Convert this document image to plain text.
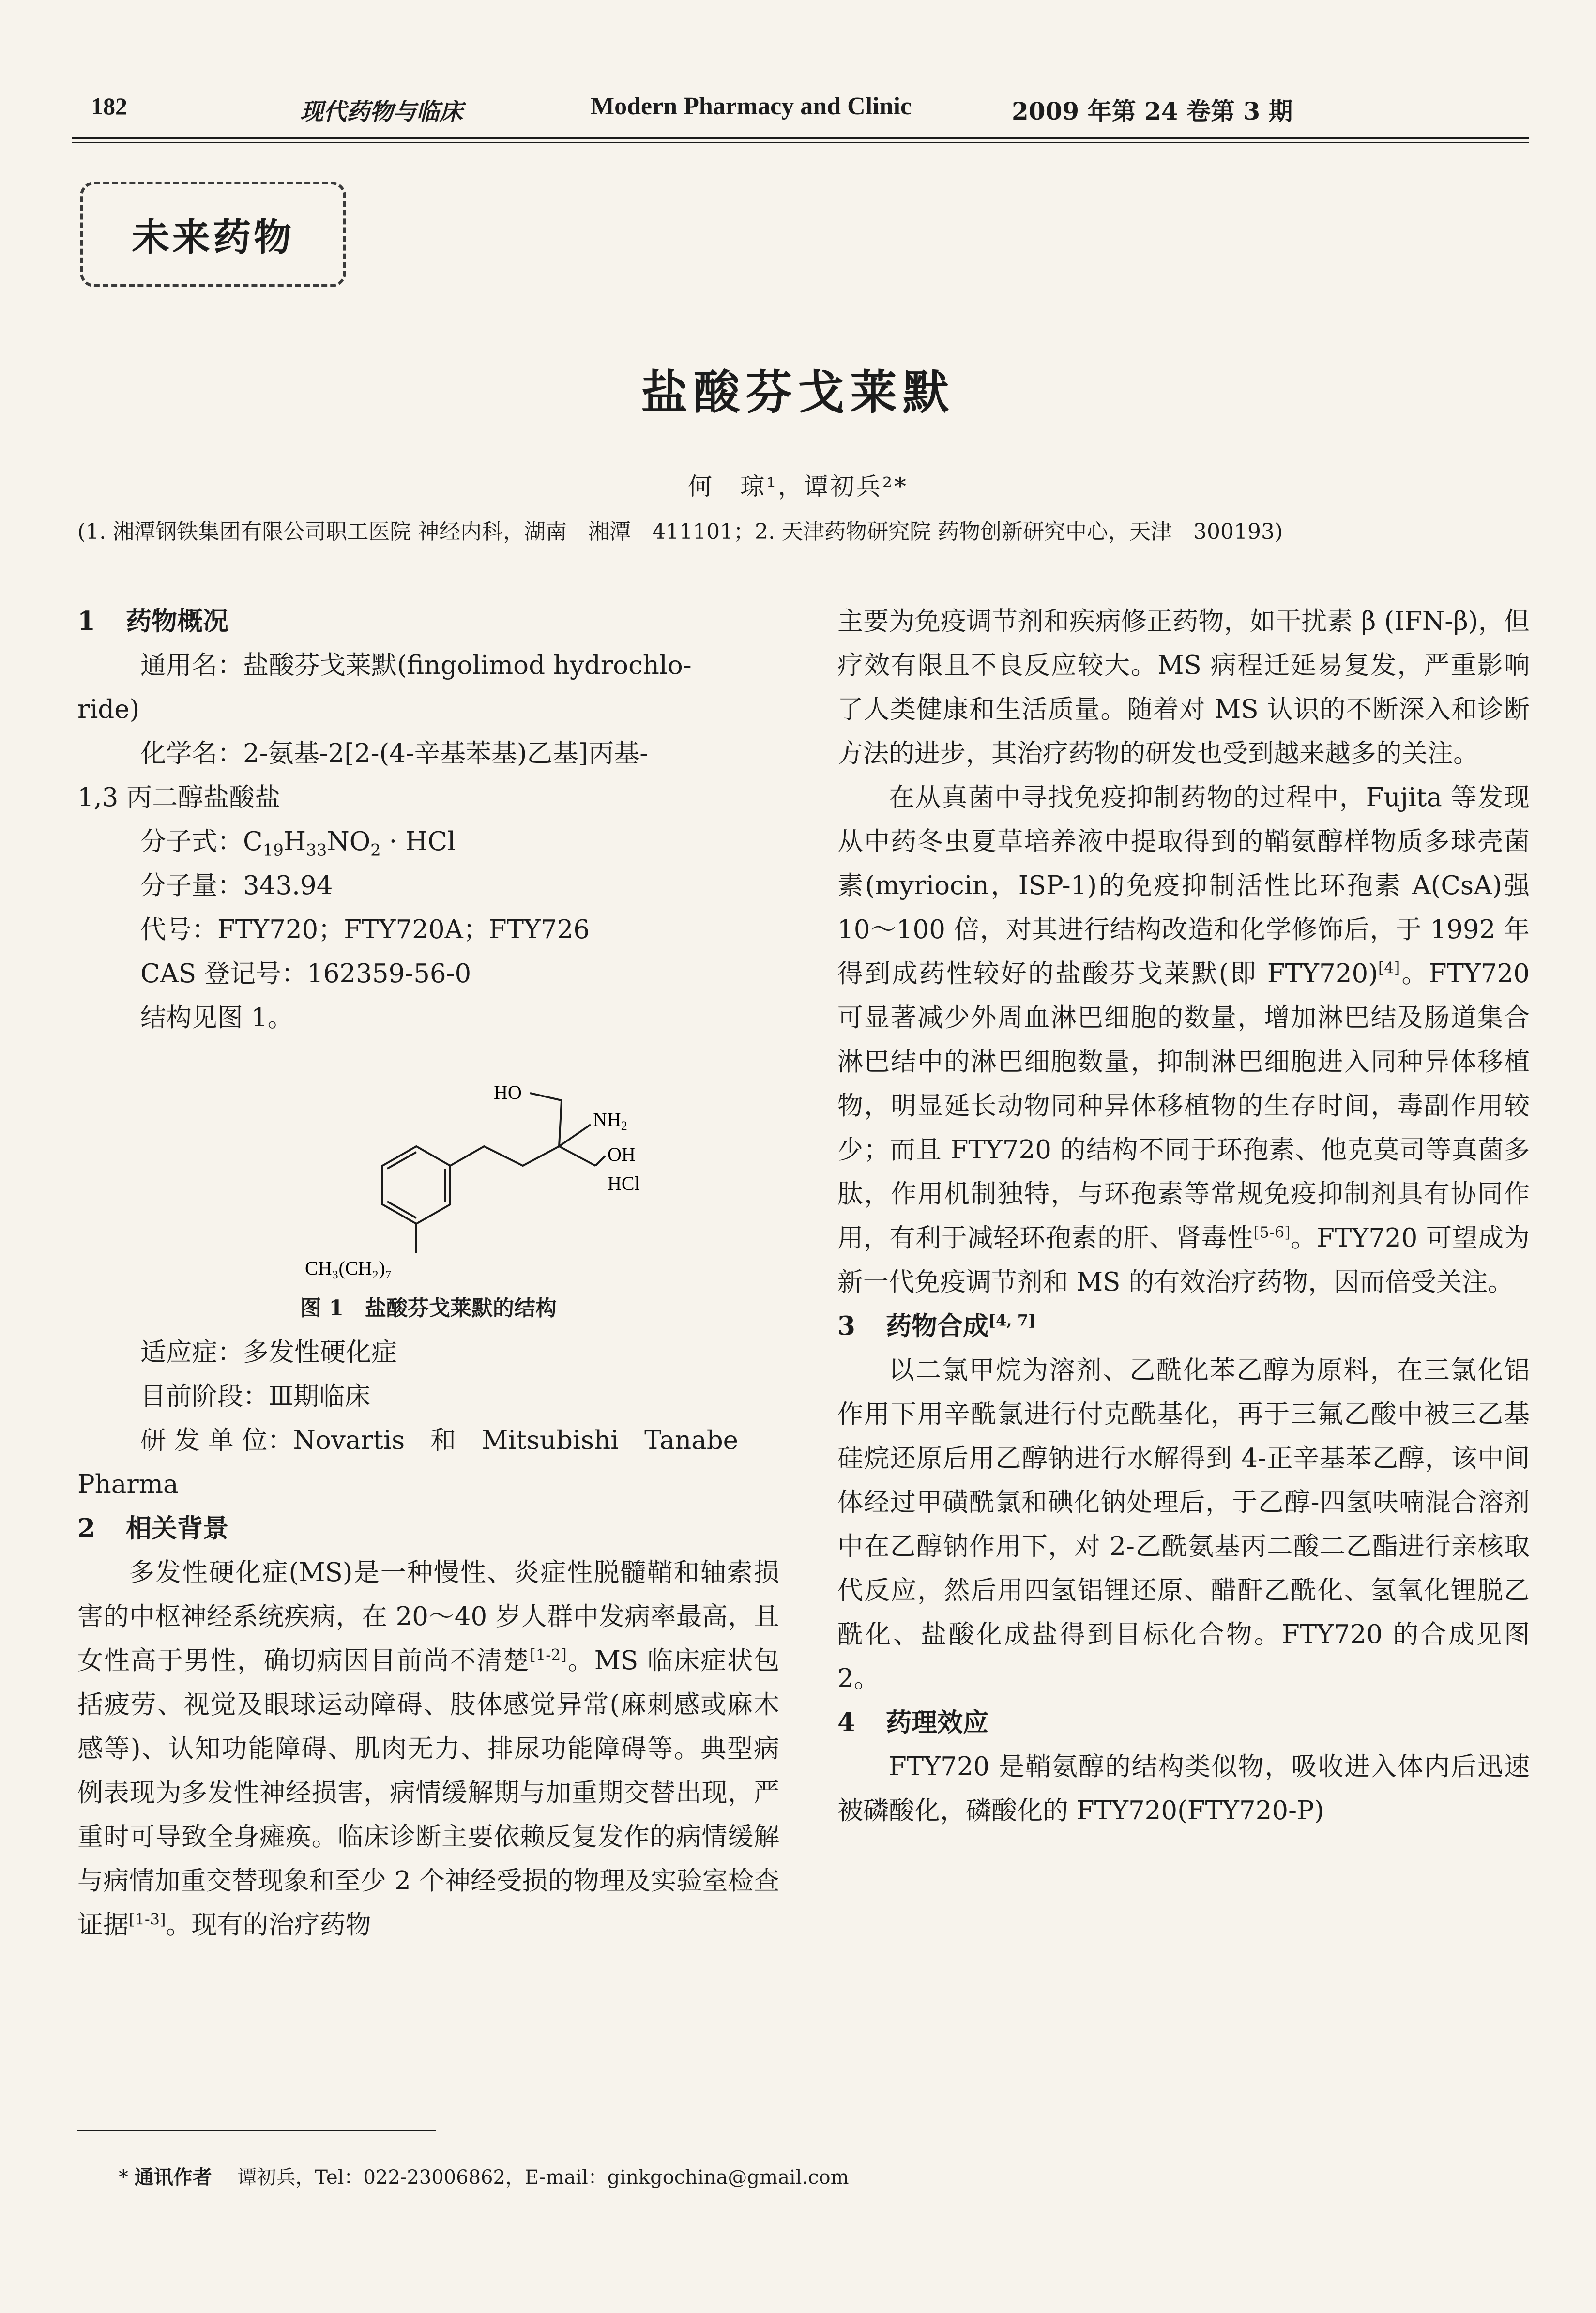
182	现代药物与临床	Modern Pharmacy and Clinic	2009 年第 24 卷第 3 期
未来药物
盐酸芬戈莱默
何　琼¹，谭初兵²*
(1. 湘潭钢铁集团有限公司职工医院 神经内科，湖南　湘潭　411101；2. 天津药物研究院 药物创新研究中心，天津　300193)

1 药物概况

通用名：盐酸芬戈莱默(fingolimod hydrochlo-

ride)

化学名：2-氨基-2[2-(4-辛基苯基)乙基]丙基-

1,3 丙二醇盐酸盐

分子式：$C_{19}H_{33}NO_2$ · HCl

分子量：343.94

代号：FTY720；FTY720A；FTY726

CAS 登记号：162359-56-0

结构见图 1。

HO
$NH_2$
OH
HCl
CH₃(CH₂)₇

图 1　盐酸芬戈莱默的结构

适应症：多发性硬化症

目前阶段：Ⅲ期临床

研 发 单 位：Novartis　和　Mitsubishi　Tanabe

Pharma

2 相关背景

多发性硬化症(MS)是一种慢性、炎症性脱髓鞘和轴索损害的中枢神经系统疾病，在 20～40 岁人群中发病率最高，且女性高于男性，确切病因目前尚不清楚[1-2]。MS 临床症状包括疲劳、视觉及眼球运动障碍、肢体感觉异常(麻刺感或麻木感等)、认知功能障碍、肌肉无力、排尿功能障碍等。典型病例表现为多发性神经损害，病情缓解期与加重期交替出现，严重时可导致全身瘫痪。临床诊断主要依赖反复发作的病情缓解与病情加重交替现象和至少 2 个神经受损的物理及实验室检查证据[1-3]。现有的治疗药物

主要为免疫调节剂和疾病修正药物，如干扰素 β (IFN-β)，但疗效有限且不良反应较大。MS 病程迁延易复发，严重影响了人类健康和生活质量。随着对 MS 认识的不断深入和诊断方法的进步，其治疗药物的研发也受到越来越多的关注。

在从真菌中寻找免疫抑制药物的过程中，Fujita 等发现从中药冬虫夏草培养液中提取得到的鞘氨醇样物质多球壳菌素(myriocin，ISP-1)的免疫抑制活性比环孢素 A(CsA)强 10～100 倍，对其进行结构改造和化学修饰后，于 1992 年得到成药性较好的盐酸芬戈莱默(即 FTY720)[4]。FTY720 可显著减少外周血淋巴细胞的数量，增加淋巴结及肠道集合淋巴结中的淋巴细胞数量，抑制淋巴细胞进入同种异体移植物，明显延长动物同种异体移植物的生存时间，毒副作用较少；而且 FTY720 的结构不同于环孢素、他克莫司等真菌多肽，作用机制独特，与环孢素等常规免疫抑制剂具有协同作用，有利于减轻环孢素的肝、肾毒性[5-6]。FTY720 可望成为新一代免疫调节剂和 MS 的有效治疗药物，因而倍受关注。

3 药物合成[4, 7]

以二氯甲烷为溶剂、乙酰化苯乙醇为原料，在三氯化铝作用下用辛酰氯进行付克酰基化，再于三氟乙酸中被三乙基硅烷还原后用乙醇钠进行水解得到 4-正辛基苯乙醇，该中间体经过甲磺酰氯和碘化钠处理后，于乙醇-四氢呋喃混合溶剂中在乙醇钠作用下，对 2-乙酰氨基丙二酸二乙酯进行亲核取代反应，然后用四氢铝锂还原、醋酐乙酰化、氢氧化锂脱乙酰化、盐酸化成盐得到目标化合物。FTY720 的合成见图 2。

4 药理效应

FTY720 是鞘氨醇的结构类似物，吸收进入体内后迅速被磷酸化，磷酸化的 FTY720(FTY720-P)

* 通讯作者 谭初兵，Tel：022-23006862，E-mail：ginkgochina@gmail.com
